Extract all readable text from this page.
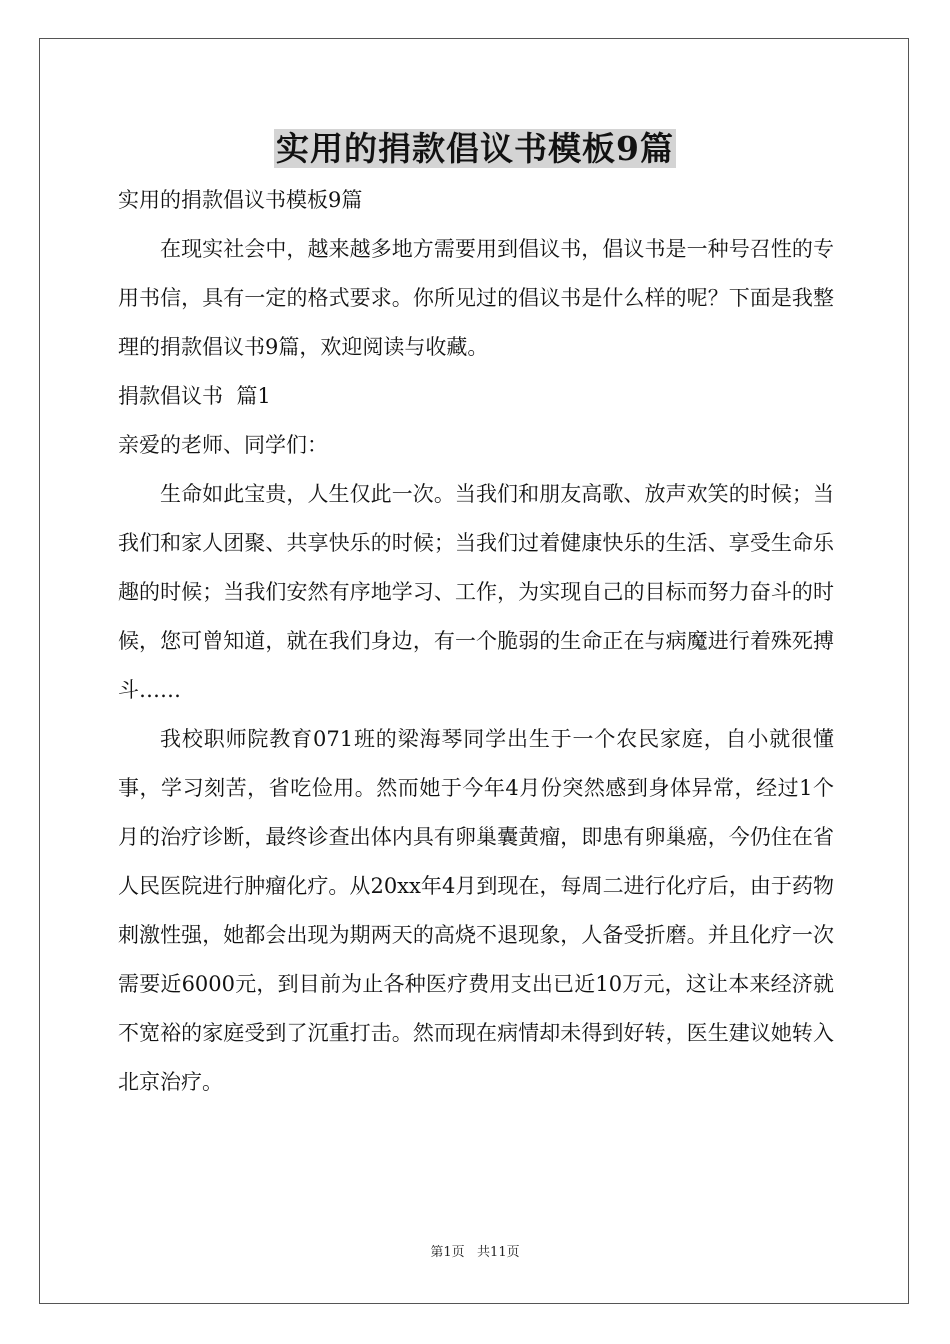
实用的捐款倡议书模板9篇

实用的捐款倡议书模板9篇

在现实社会中，越来越多地方需要用到倡议书，倡议书是一种号召性的专用书信，具有一定的格式要求。你所见过的倡议书是什么样的呢？下面是我整理的捐款倡议书9篇，欢迎阅读与收藏。

捐款倡议书  篇1

亲爱的老师、同学们：

生命如此宝贵，人生仅此一次。当我们和朋友高歌、放声欢笑的时候；当我们和家人团聚、共享快乐的时候；当我们过着健康快乐的生活、享受生命乐趣的时候；当我们安然有序地学习、工作，为实现自己的目标而努力奋斗的时候，您可曾知道，就在我们身边，有一个脆弱的生命正在与病魔进行着殊死搏斗……

我校职师院教育071班的梁海琴同学出生于一个农民家庭，自小就很懂事，学习刻苦，省吃俭用。然而她于今年4月份突然感到身体异常，经过1个月的治疗诊断，最终诊查出体内具有卵巢囊黄瘤，即患有卵巢癌，今仍住在省人民医院进行肿瘤化疗。从20xx年4月到现在，每周二进行化疗后，由于药物刺激性强，她都会出现为期两天的高烧不退现象，人备受折磨。并且化疗一次需要近6000元，到目前为止各种医疗费用支出已近10万元，这让本来经济就不宽裕的家庭受到了沉重打击。然而现在病情却未得到好转，医生建议她转入北京治疗。

第1页   共11页
